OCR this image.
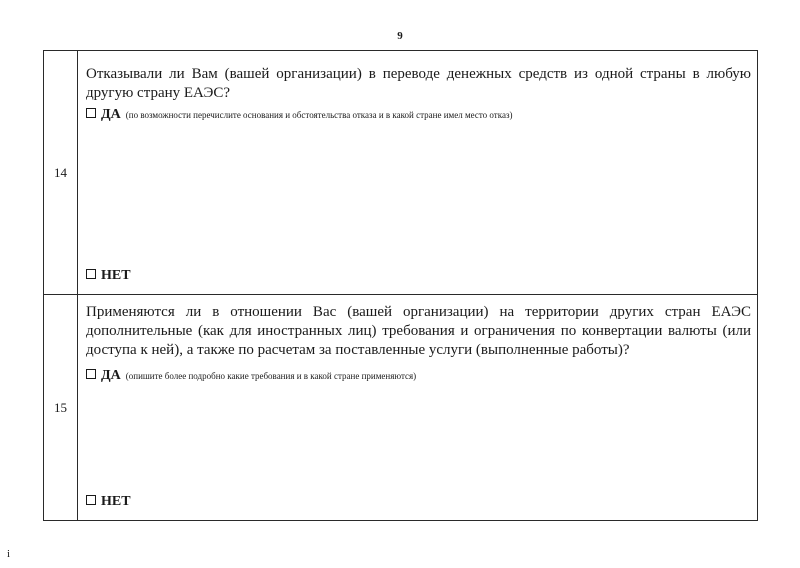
9
14	Отказывали ли Вам (вашей организации) в переводе денежных средств из одной страны в любую другую страну ЕАЭС?
ДА (по возможности перечислите основания и обстоятельства отказа и в какой стране имел место отказ)
НЕТ

15	Применяются ли в отношении Вас (вашей организации) на территории других стран ЕАЭС дополнительные (как для иностранных лиц) требования и ограничения по конвертации валюты (или доступа к ней), а также по расчетам за поставленные услуги (выполненные работы)?
ДА (опишите более подробно какие требования и в какой стране применяются)
НЕТ
i
